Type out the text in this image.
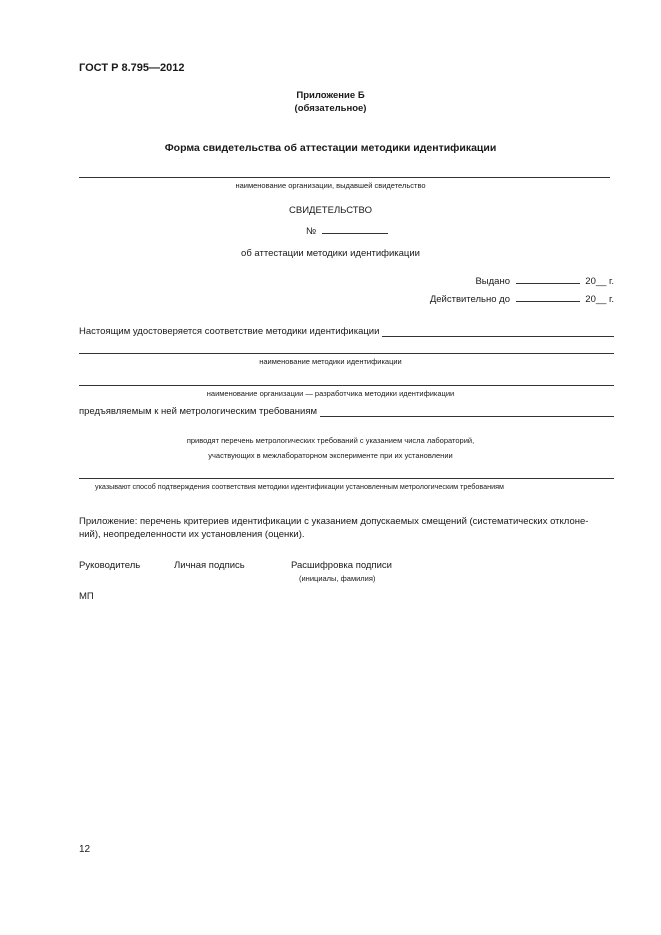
ГОСТ Р 8.795—2012
Приложение Б
(обязательное)
Форма свидетельства об аттестации методики идентификации
наименование организации, выдавшей свидетельство
СВИДЕТЕЛЬСТВО
№
об аттестации методики идентификации
Выдано	20__ г.
Действительно до	20__ г.
Настоящим удостоверяется соответствие методики идентификации
наименование методики идентификации
наименование организации — разработчика методики идентификации
предъявляемым к ней метрологическим требованиям
приводят перечень метрологических требований с указанием числа лабораторий,
участвующих в межлабораторном эксперименте при их установлении
указывают способ подтверждения соответствия методики идентификации установленным метрологическим требованиям
Приложение: перечень критериев идентификации с указанием допускаемых смещений (систематических отклоне-
ний), неопределенности их установления (оценки).
Руководитель	Личная подпись	Расшифровка подписи
(инициалы, фамилия)
МП
12
